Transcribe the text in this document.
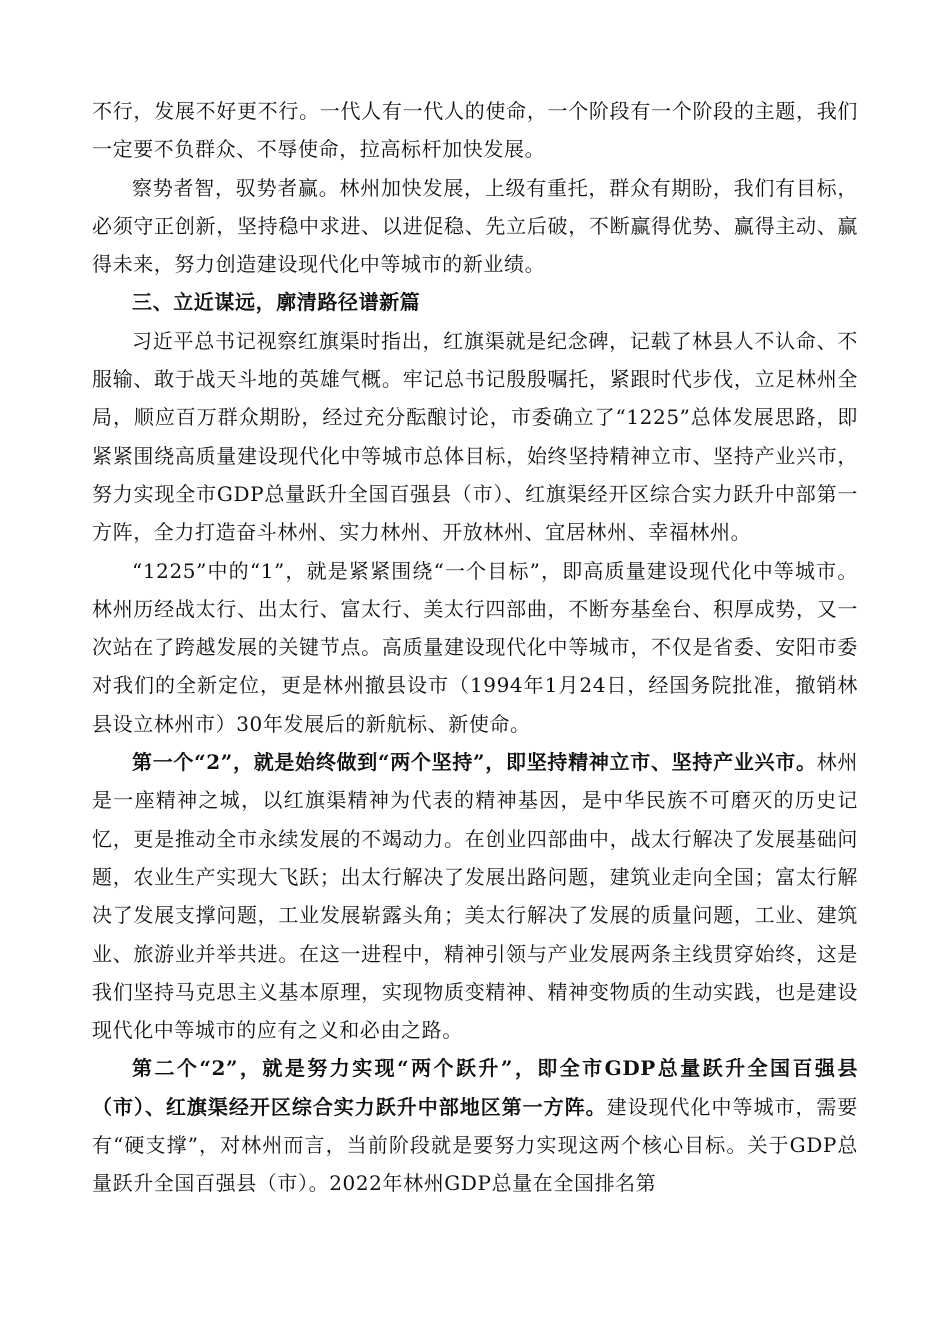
不行，发展不好更不行。一代人有一代人的使命，一个阶段有一个阶段的主题，我们一定要不负群众、不辱使命，拉高标杆加快发展。

察势者智，驭势者赢。林州加快发展，上级有重托，群众有期盼，我们有目标，必须守正创新，坚持稳中求进、以进促稳、先立后破，不断赢得优势、赢得主动、赢得未来，努力创造建设现代化中等城市的新业绩。

三、立近谋远，廓清路径谱新篇

习近平总书记视察红旗渠时指出，红旗渠就是纪念碑，记载了林县人不认命、不服输、敢于战天斗地的英雄气概。牢记总书记殷殷嘱托，紧跟时代步伐，立足林州全局，顺应百万群众期盼，经过充分酝酿讨论，市委确立了“1225”总体发展思路，即紧紧围绕高质量建设现代化中等城市总体目标，始终坚持精神立市、坚持产业兴市，努力实现全市GDP总量跃升全国百强县（市）、红旗渠经开区综合实力跃升中部第一方阵，全力打造奋斗林州、实力林州、开放林州、宜居林州、幸福林州。

“1225”中的“1”，就是紧紧围绕“一个目标”，即高质量建设现代化中等城市。林州历经战太行、出太行、富太行、美太行四部曲，不断夯基垒台、积厚成势，又一次站在了跨越发展的关键节点。高质量建设现代化中等城市，不仅是省委、安阳市委对我们的全新定位，更是林州撤县设市（1994年1月24日，经国务院批准，撤销林县设立林州市）30年发展后的新航标、新使命。

第一个“2”，就是始终做到“两个坚持”，即坚持精神立市、坚持产业兴市。林州是一座精神之城，以红旗渠精神为代表的精神基因，是中华民族不可磨灭的历史记忆，更是推动全市永续发展的不竭动力。在创业四部曲中，战太行解决了发展基础问题，农业生产实现大飞跃；出太行解决了发展出路问题，建筑业走向全国；富太行解决了发展支撑问题，工业发展崭露头角；美太行解决了发展的质量问题，工业、建筑业、旅游业并举共进。在这一进程中，精神引领与产业发展两条主线贯穿始终，这是我们坚持马克思主义基本原理，实现物质变精神、精神变物质的生动实践，也是建设现代化中等城市的应有之义和必由之路。

第二个“2”，就是努力实现“两个跃升”，即全市GDP总量跃升全国百强县（市）、红旗渠经开区综合实力跃升中部地区第一方阵。建设现代化中等城市，需要有“硬支撑”，对林州而言，当前阶段就是要努力实现这两个核心目标。关于GDP总量跃升全国百强县（市）。2022年林州GDP总量在全国排名第
